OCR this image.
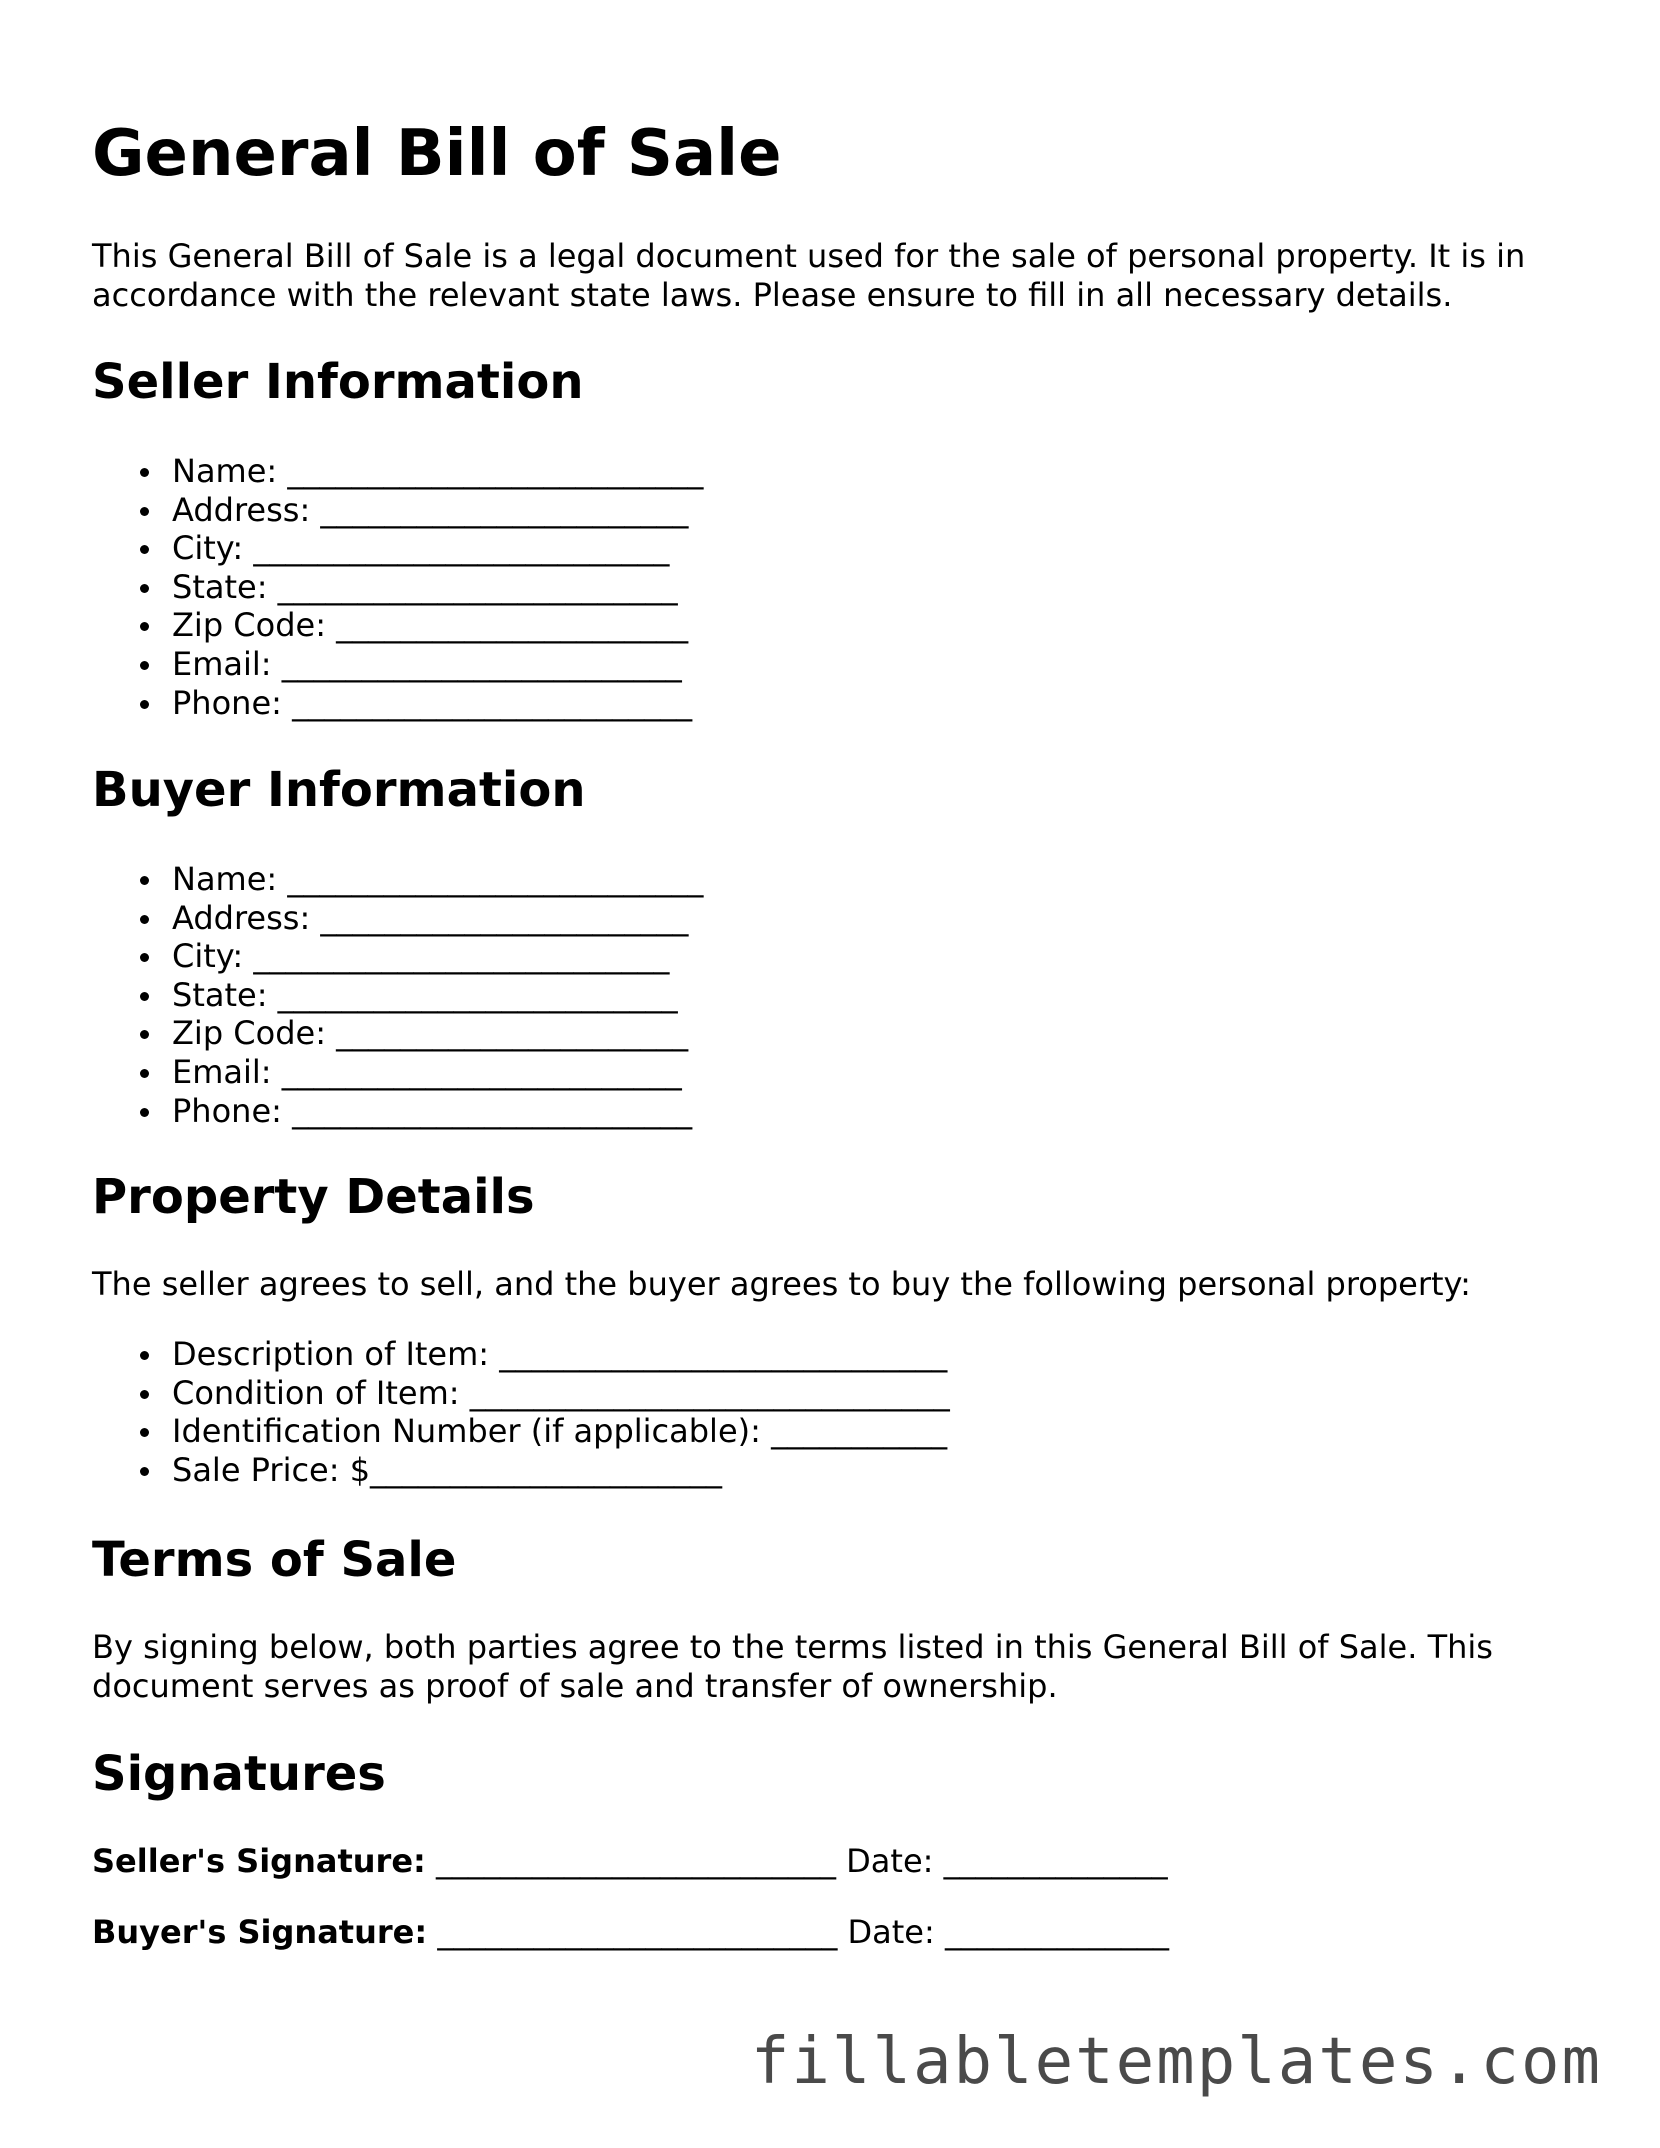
General Bill of Sale

This General Bill of Sale is a legal document used for the sale of personal property. It is in accordance with the relevant state laws. Please ensure to fill in all necessary details.

Seller Information
Name: __________________________
Address: _______________________
City: __________________________
State: _________________________
Zip Code: ______________________
Email: _________________________
Phone: _________________________
Buyer Information
Name: __________________________
Address: _______________________
City: __________________________
State: _________________________
Zip Code: ______________________
Email: _________________________
Phone: _________________________
Property Details

The seller agrees to sell, and the buyer agrees to buy the following personal property:

Description of Item: ____________________________
Condition of Item: ______________________________
Identification Number (if applicable): ___________
Sale Price: $______________________
Terms of Sale

By signing below, both parties agree to the terms listed in this General Bill of Sale. This document serves as proof of sale and transfer of ownership.

Signatures
Seller's Signature: _________________________ Date: ______________
Buyer's Signature: _________________________ Date: ______________
fillabletemplates.com
